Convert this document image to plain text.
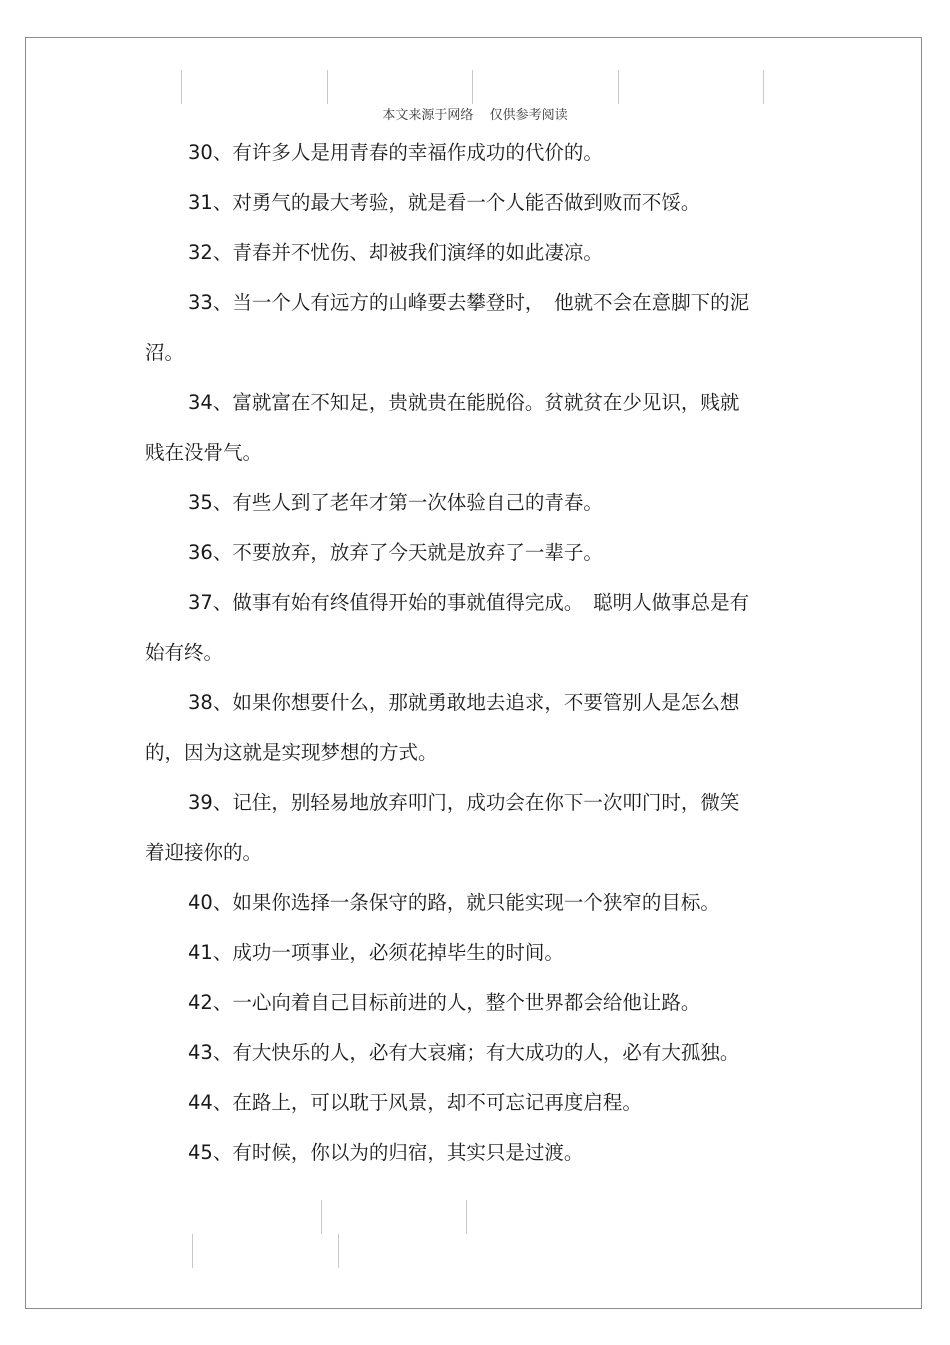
本文来源于网络 仅供参考阅读
30、有许多人是用青春的幸福作成功的代价的。
31、对勇气的最大考验，就是看一个人能否做到败而不馁。
32、青春并不忧伤、却被我们演绎的如此凄凉。
33、当一个人有远方的山峰要去攀登时，　他就不会在意脚下的泥
沼。
34、富就富在不知足，贵就贵在能脱俗。贫就贫在少见识，贱就
贱在没骨气。
35、有些人到了老年才第一次体验自己的青春。
36、不要放弃，放弃了今天就是放弃了一辈子。
37、做事有始有终值得开始的事就值得完成。　聪明人做事总是有
始有终。
38、如果你想要什么，那就勇敢地去追求，不要管别人是怎么想
的，因为这就是实现梦想的方式。
39、记住，别轻易地放弃叩门，成功会在你下一次叩门时，微笑
着迎接你的。
40、如果你选择一条保守的路，就只能实现一个狭窄的目标。
41、成功一项事业，必须花掉毕生的时间。
42、一心向着自己目标前进的人，整个世界都会给他让路。
43、有大快乐的人，必有大哀痛；有大成功的人，必有大孤独。
44、在路上，可以耽于风景，却不可忘记再度启程。
45、有时候，你以为的归宿，其实只是过渡。
